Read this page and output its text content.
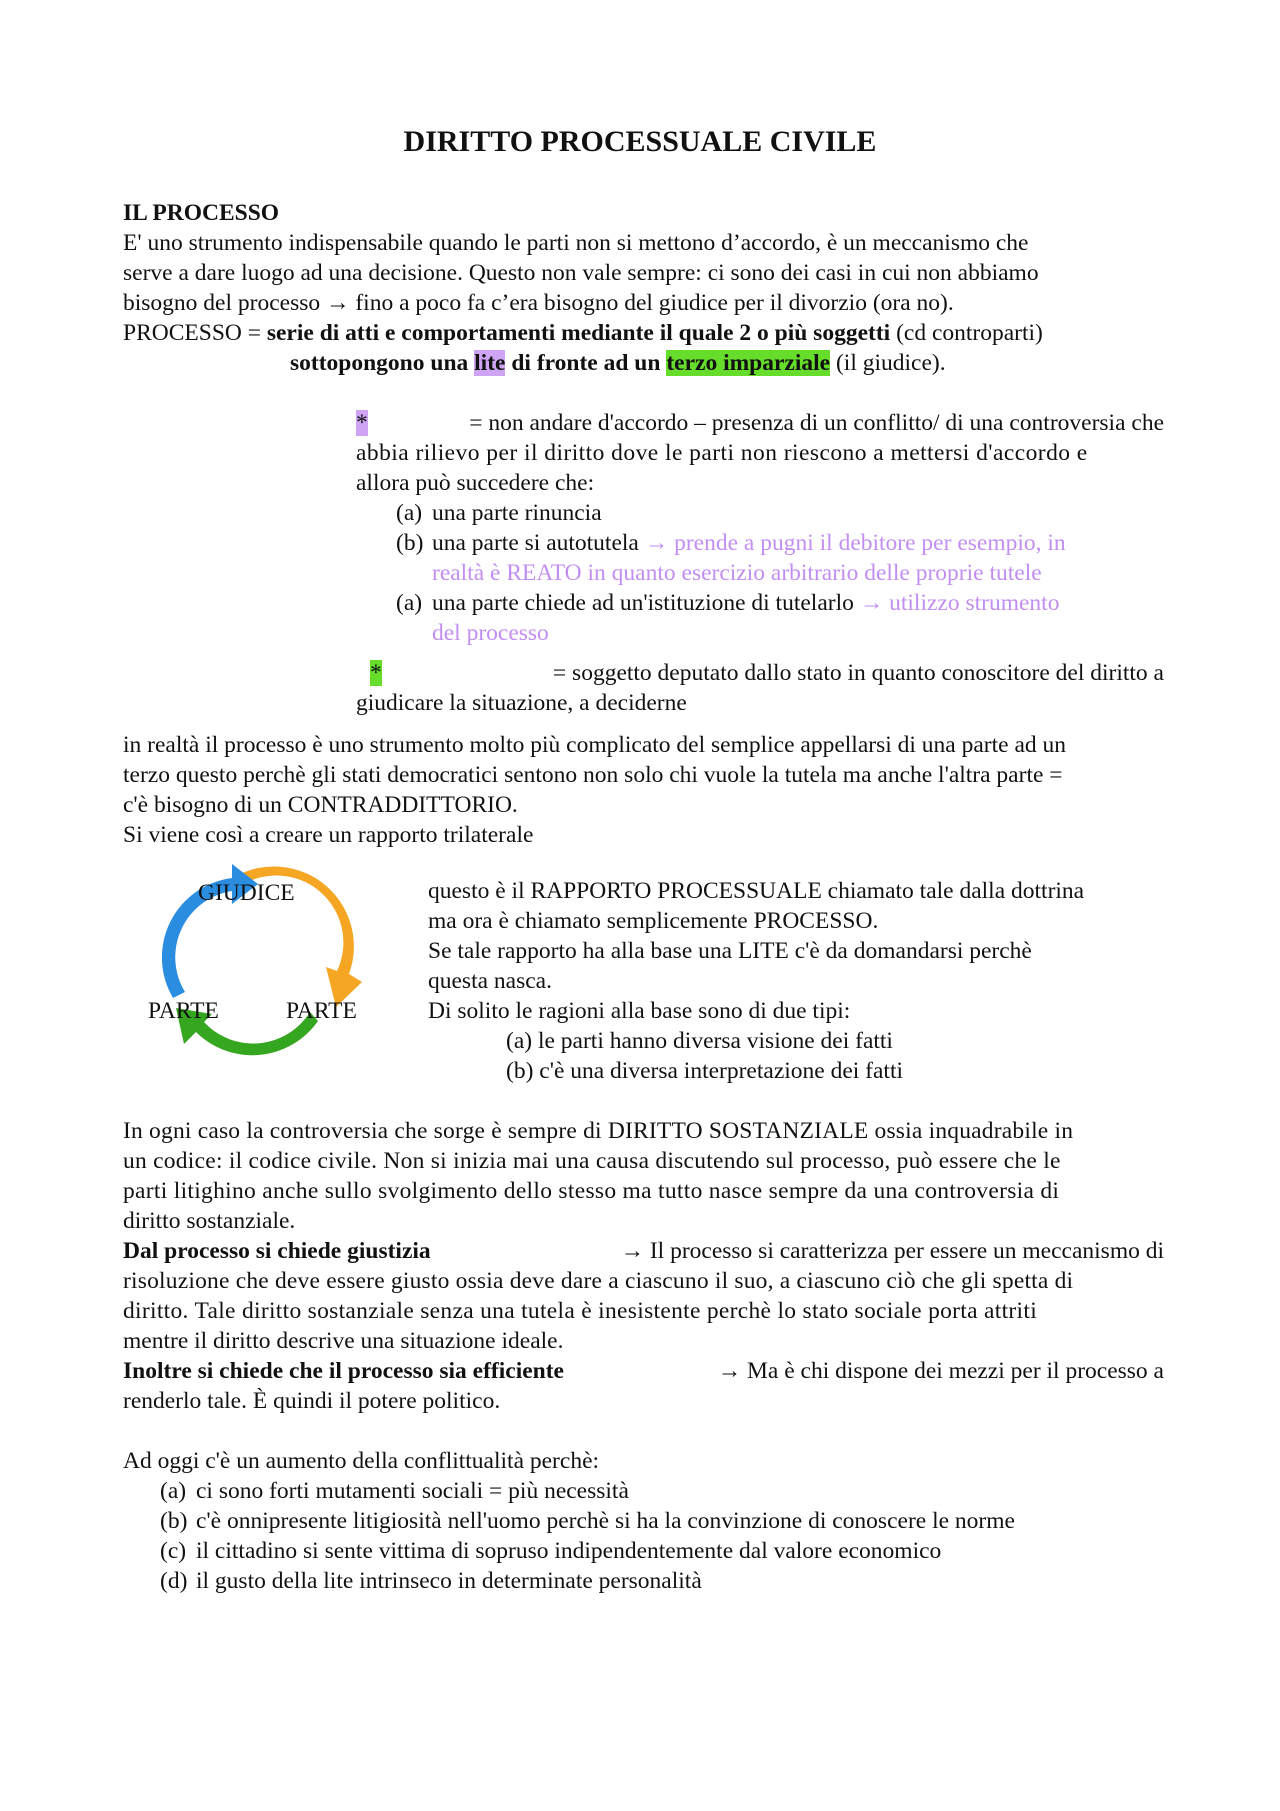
DIRITTO PROCESSUALE CIVILE
IL PROCESSO
E' uno strumento indispensabile quando le parti non si mettono d’accordo, è un meccanismo che
serve a dare luogo ad una decisione. Questo non vale sempre: ci sono dei casi in cui non abbiamo
bisogno del processo → fino a poco fa c’era bisogno del giudice per il divorzio (ora no).
PROCESSO = serie di atti e comportamenti mediante il quale 2 o più soggetti (cd controparti)
sottopongono una lite di fronte ad un terzo imparziale (il giudice).
*	= non andare d'accordo – presenza di un conflitto/ di una controversia che
abbia rilievo per il diritto dove le parti non riescono a mettersi d'accordo e
allora può succedere che:
(a) una parte rinuncia
(b) una parte si autotutela → prende a pugni il debitore per esempio, in
realtà è REATO in quanto esercizio arbitrario delle proprie tutele
(a) una parte chiede ad un'istituzione di tutelarlo → utilizzo strumento
del processo
*	= soggetto deputato dallo stato in quanto conoscitore del diritto a
giudicare la situazione, a deciderne
in realtà il processo è uno strumento molto più complicato del semplice appellarsi di una parte ad un
terzo questo perchè gli stati democratici sentono non solo chi vuole la tutela ma anche l'altra parte =
c'è bisogno di un CONTRADDITTORIO.
Si viene così a creare un rapporto trilaterale
GIUDICE
PARTE	PARTE
questo è il RAPPORTO PROCESSUALE chiamato tale dalla dottrina
ma ora è chiamato semplicemente PROCESSO.
Se tale rapporto ha alla base una LITE c'è da domandarsi perchè
questa nasca.
Di solito le ragioni alla base sono di due tipi:
(a) le parti hanno diversa visione dei fatti
(b) c'è una diversa interpretazione dei fatti
In ogni caso la controversia che sorge è sempre di DIRITTO SOSTANZIALE ossia inquadrabile in
un codice: il codice civile. Non si inizia mai una causa discutendo sul processo, può essere che le
parti litighino anche sullo svolgimento dello stesso ma tutto nasce sempre da una controversia di
diritto sostanziale.
Dal processo si chiede giustizia	→ Il processo si caratterizza per essere un meccanismo di
risoluzione che deve essere giusto ossia deve dare a ciascuno il suo, a ciascuno ciò che gli spetta di
diritto. Tale diritto sostanziale senza una tutela è inesistente perchè lo stato sociale porta attriti
mentre il diritto descrive una situazione ideale.
Inoltre si chiede che il processo sia efficiente	→ Ma è chi dispone dei mezzi per il processo a
renderlo tale. È quindi il potere politico.
Ad oggi c'è un aumento della conflittualità perchè:
(a) ci sono forti mutamenti sociali = più necessità
(b) c'è onnipresente litigiosità nell'uomo perchè si ha la convinzione di conoscere le norme
(c) il cittadino si sente vittima di sopruso indipendentemente dal valore economico
(d) il gusto della lite intrinseco in determinate personalità
